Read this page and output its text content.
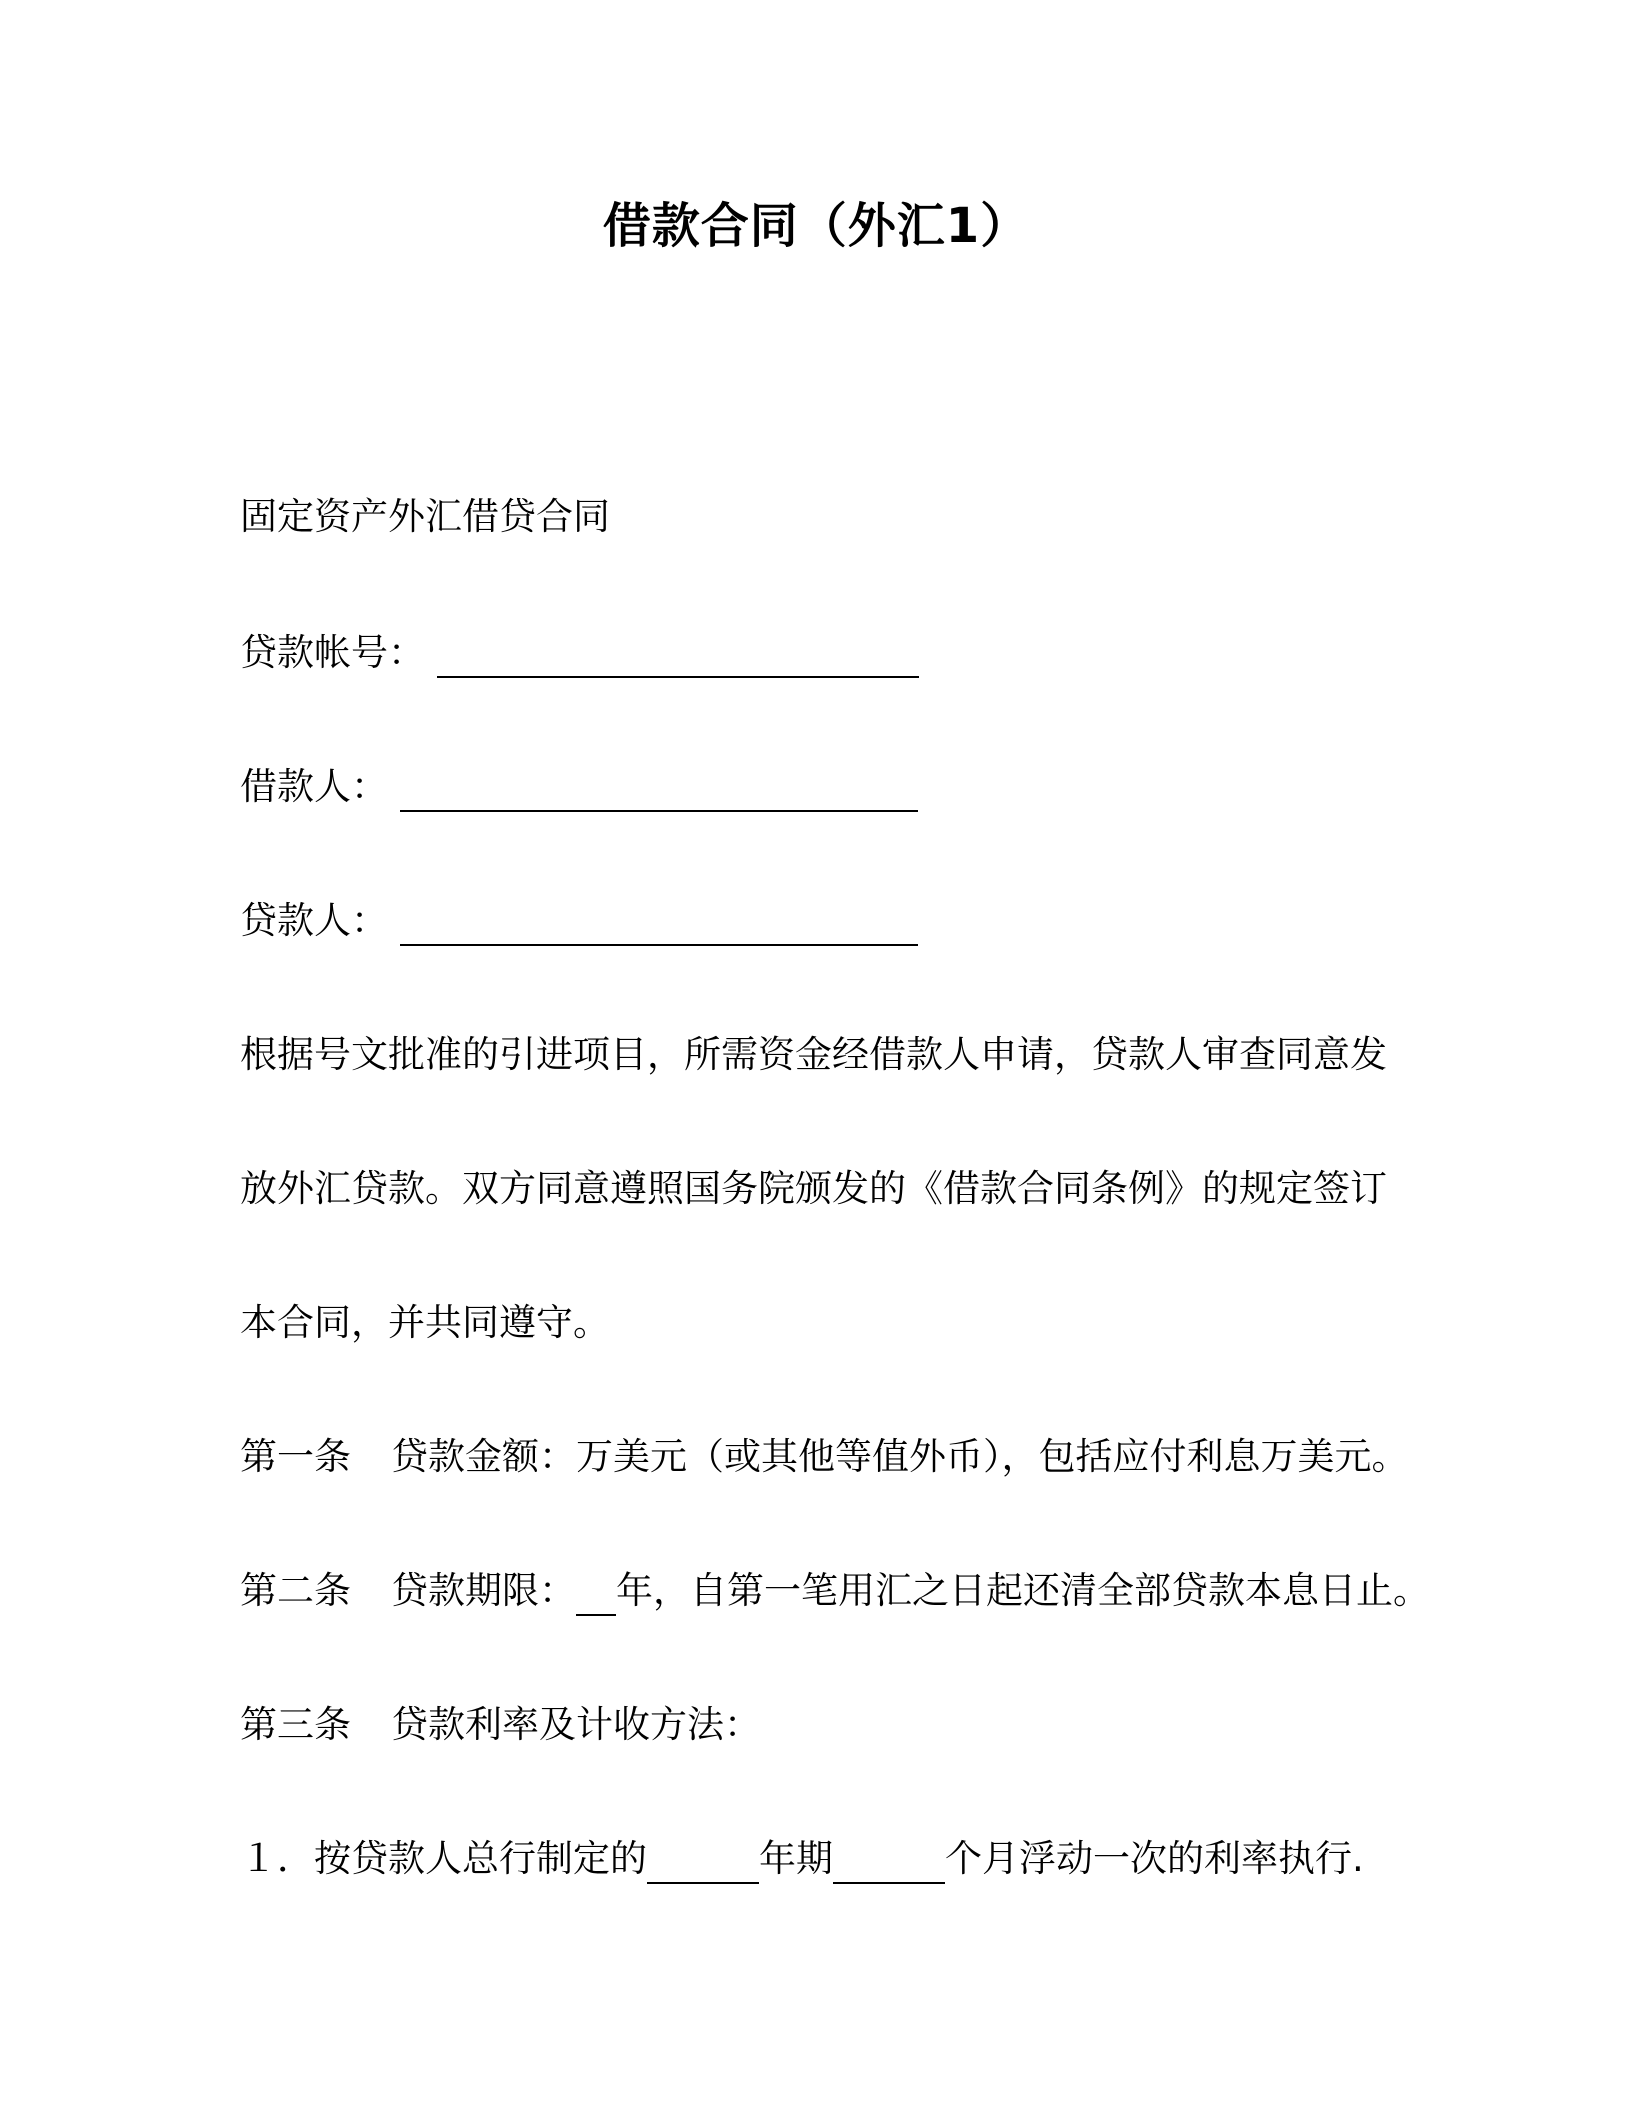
借款合同（外汇1）
固定资产外汇借贷合同
贷款帐号：
借款人：
贷款人：
根据号文批准的引进项目，所需资金经借款人申请，贷款人审查同意发
放外汇贷款。双方同意遵照国务院颁发的《借款合同条例》的规定签订
本合同，并共同遵守。
第一条 贷款金额：万美元（或其他等值外币），包括应付利息万美元。
第二条 贷款期限： 年，自第一笔用汇之日起还清全部贷款本息日止。
第三条 贷款利率及计收方法：
１．按贷款人总行制定的	年期	个月浮动一次的利率执行.
